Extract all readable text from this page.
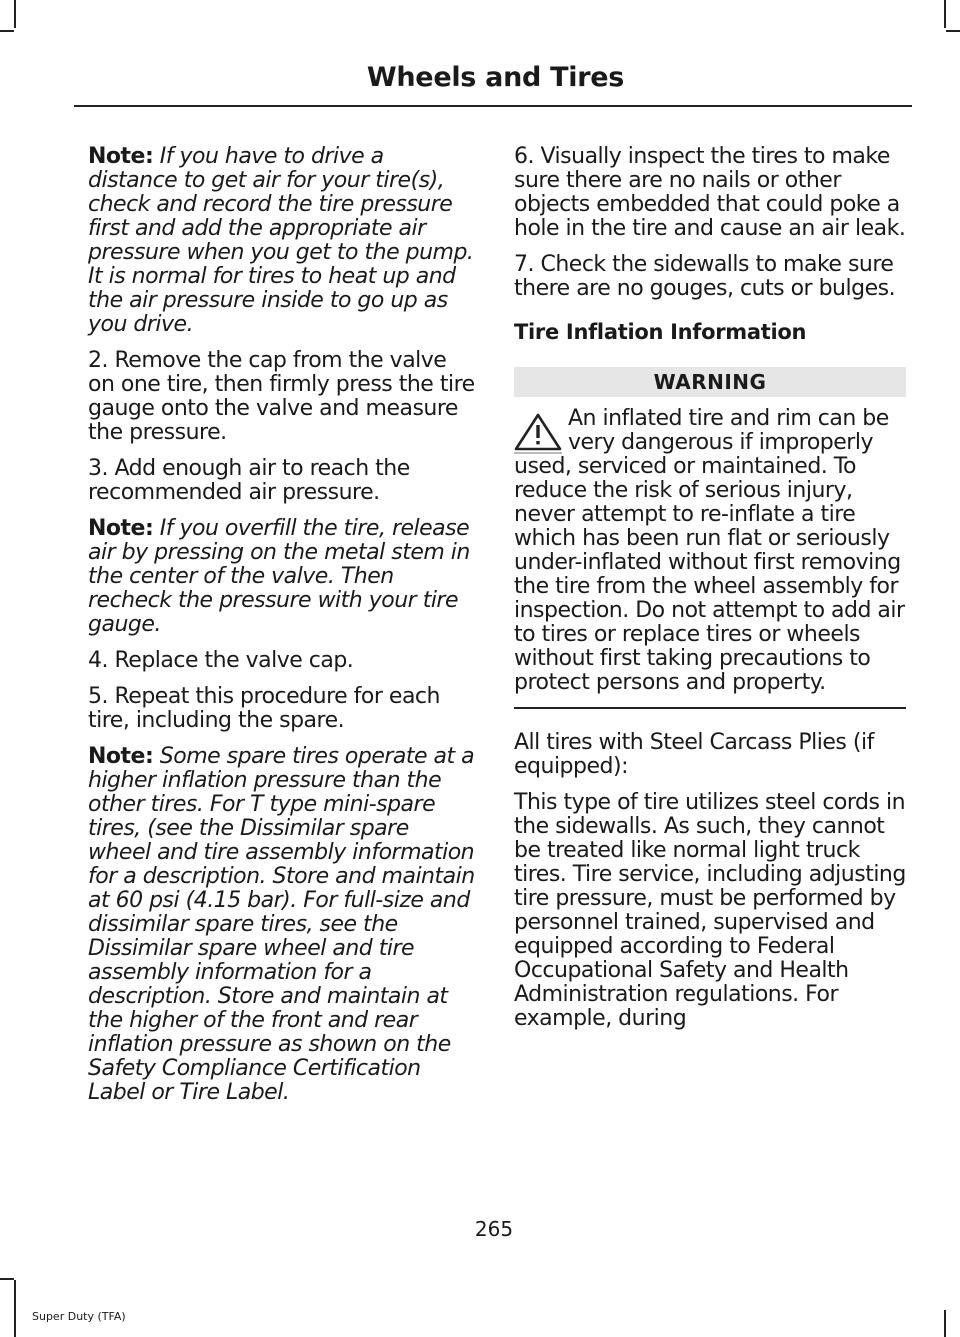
Wheels and Tires

Note: If you have to drive a distance to get air for your tire(s), check and record the tire pressure first and add the appropriate air pressure when you get to the pump. It is normal for tires to heat up and the air pressure inside to go up as you drive.

2. Remove the cap from the valve on one tire, then firmly press the tire gauge onto the valve and measure the pressure.

3. Add enough air to reach the recommended air pressure.

Note: If you overfill the tire, release air by pressing on the metal stem in the center of the valve. Then recheck the pressure with your tire gauge.

4. Replace the valve cap.

5. Repeat this procedure for each tire, including the spare.

Note: Some spare tires operate at a higher inflation pressure than the other tires. For T type mini-spare tires, (see the Dissimilar spare wheel and tire assembly information for a description. Store and maintain at 60 psi (4.15 bar). For full-size and dissimilar spare tires, see the Dissimilar spare wheel and tire assembly information for a description. Store and maintain at the higher of the front and rear inflation pressure as shown on the Safety Compliance Certification Label or Tire Label.

6. Visually inspect the tires to make sure there are no nails or other objects embedded that could poke a hole in the tire and cause an air leak.

7. Check the sidewalls to make sure there are no gouges, cuts or bulges.

Tire Inflation Information
WARNING

An inflated tire and rim can be very dangerous if improperly used, serviced or maintained. To reduce the risk of serious injury, never attempt to re-inflate a tire which has been run flat or seriously under-inflated without first removing the tire from the wheel assembly for inspection. Do not attempt to add air to tires or replace tires or wheels without first taking precautions to protect persons and property.

All tires with Steel Carcass Plies (if equipped):

This type of tire utilizes steel cords in the sidewalls. As such, they cannot be treated like normal light truck tires. Tire service, including adjusting tire pressure, must be performed by personnel trained, supervised and equipped according to Federal Occupational Safety and Health Administration regulations. For example, during

265
Super Duty (TFA)
